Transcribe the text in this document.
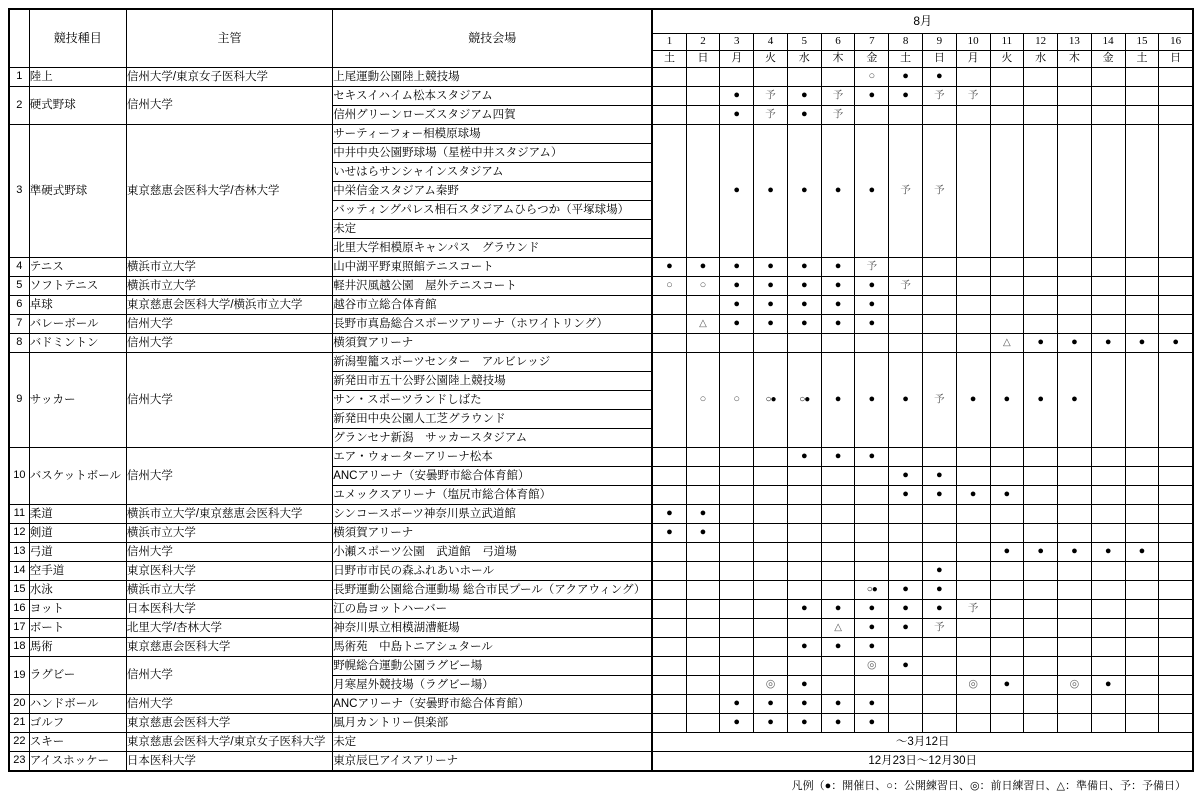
	競技種目	主管	競技会場	8月															
				1	2	3	4	5	6	7	8	9	10	11	12	13	14	15	16
				土	日	月	火	水	木	金	土	日	月	火	水	木	金	土	日
1	陸上	信州大学/東京女子医科大学	上尾運動公園陸上競技場							○	●	●							
2	硬式野球	信州大学	セキスイハイム松本スタジアム			●	予	●	予	●	●	予	予						
			信州グリーンローズスタジアム四賀			●	予	●	予										
3	準硬式野球	東京慈恵会医科大学/杏林大学	サーティーフォー相模原球場			●	●	●	●	●	予	予							
			中井中央公園野球場（星槎中井スタジアム）																
			いせはらサンシャインスタジアム																
			中栄信金スタジアム秦野																
			バッティングパレス相石スタジアムひらつか（平塚球場）																
			未定																
			北里大学相模原キャンパス　グラウンド																
4	テニス	横浜市立大学	山中湖平野東照館テニスコート	●	●	●	●	●	●	予									
5	ソフトテニス	横浜市立大学	軽井沢風越公園　屋外テニスコート	○	○	●	●	●	●	●	予								
6	卓球	東京慈恵会医科大学/横浜市立大学	越谷市立総合体育館			●	●	●	●	●									
7	バレーボール	信州大学	長野市真島総合スポーツアリーナ（ホワイトリング）		△	●	●	●	●	●									
8	バドミントン	信州大学	横須賀アリーナ											△	●	●	●	●	●
9	サッカー	信州大学	新潟聖籠スポーツセンター　アルビレッジ		○	○	○●	○●	●	●	●	予	●	●	●	●			
			新発田市五十公野公園陸上競技場																
			サン・スポーツランドしばた																
			新発田中央公園人工芝グラウンド																
			グランセナ新潟　サッカースタジアム																
10	バスケットボール	信州大学	エア・ウォーターアリーナ松本					●	●	●									
			ANCアリーナ（安曇野市総合体育館）								●	●							
			ユメックスアリーナ（塩尻市総合体育館）								●	●	●	●					
11	柔道	横浜市立大学/東京慈恵会医科大学	シンコースポーツ神奈川県立武道館	●	●														
12	剣道	横浜市立大学	横須賀アリーナ	●	●														
13	弓道	信州大学	小瀬スポーツ公園　武道館　弓道場											●	●	●	●	●	
14	空手道	東京医科大学	日野市市民の森ふれあいホール									●							
15	水泳	横浜市立大学	長野運動公園総合運動場 総合市民プール（アクアウィング）							○●	●	●							
16	ヨット	日本医科大学	江の島ヨットハーバー					●	●	●	●	●	予						
17	ボート	北里大学/杏林大学	神奈川県立相模湖漕艇場						△	●	●	予							
18	馬術	東京慈恵会医科大学	馬術苑　中島トニアシュタール					●	●	●									
19	ラグビー	信州大学	野幌総合運動公園ラグビー場							◎	●								
			月寒屋外競技場（ラグビー場）				◎	●					◎	●		◎	●		
20	ハンドボール	信州大学	ANCアリーナ（安曇野市総合体育館）			●	●	●	●	●									
21	ゴルフ	東京慈恵会医科大学	風月カントリー倶楽部			●	●	●	●	●									
22	スキー	東京慈恵会医科大学/東京女子医科大学	未定	～3月12日															
23	アイスホッケー	日本医科大学	東京辰巳アイスアリーナ	12月23日～12月30日															
凡例（●：開催日、○：公開練習日、◎：前日練習日、△：準備日、予：予備日）
